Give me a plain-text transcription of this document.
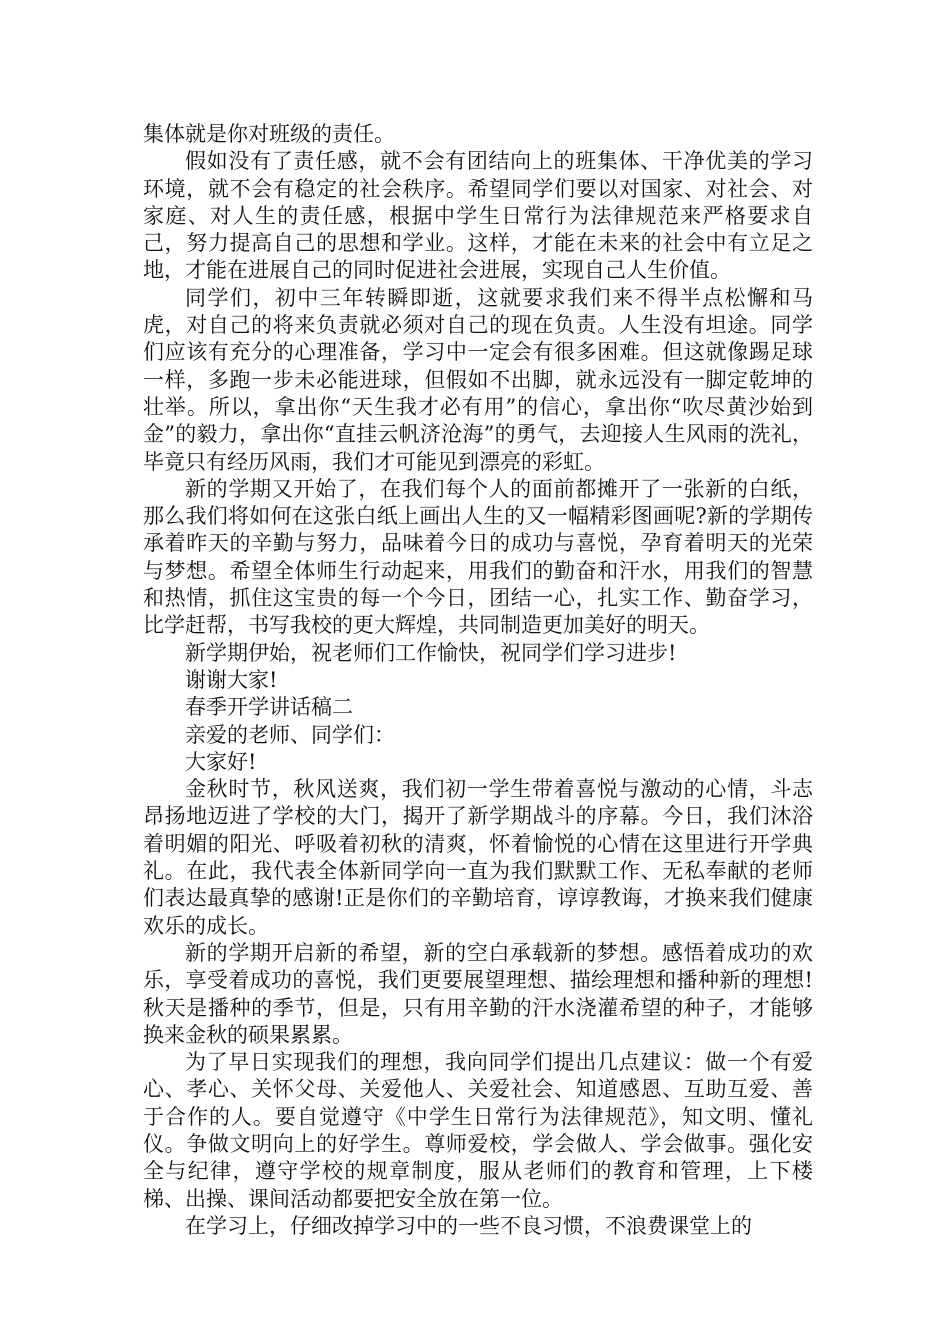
集体就是你对班级的责任。

假如没有了责任感，就不会有团结向上的班集体、干净优美的学习环境，就不会有稳定的社会秩序。希望同学们要以对国家、对社会、对家庭、对人生的责任感，根据中学生日常行为法律规范来严格要求自己，努力提高自己的思想和学业。这样，才能在未来的社会中有立足之地，才能在进展自己的同时促进社会进展，实现自己人生价值。

同学们，初中三年转瞬即逝，这就要求我们来不得半点松懈和马虎，对自己的将来负责就必须对自己的现在负责。人生没有坦途。同学们应该有充分的心理准备，学习中一定会有很多困难。但这就像踢足球一样，多跑一步未必能进球，但假如不出脚，就永远没有一脚定乾坤的壮举。所以，拿出你“天生我才必有用”的信心，拿出你“吹尽黄沙始到金”的毅力，拿出你“直挂云帆济沧海”的勇气，去迎接人生风雨的洗礼，毕竟只有经历风雨，我们才可能见到漂亮的彩虹。

新的学期又开始了，在我们每个人的面前都摊开了一张新的白纸，那么我们将如何在这张白纸上画出人生的又一幅精彩图画呢?新的学期传承着昨天的辛勤与努力，品味着今日的成功与喜悦，孕育着明天的光荣与梦想。希望全体师生行动起来，用我们的勤奋和汗水，用我们的智慧和热情，抓住这宝贵的每一个今日，团结一心，扎实工作、勤奋学习，比学赶帮，书写我校的更大辉煌，共同制造更加美好的明天。

新学期伊始，祝老师们工作愉快，祝同学们学习进步!

谢谢大家!

春季开学讲话稿二

亲爱的老师、同学们：

大家好!

金秋时节，秋风送爽，我们初一学生带着喜悦与激动的心情，斗志昂扬地迈进了学校的大门，揭开了新学期战斗的序幕。今日，我们沐浴着明媚的阳光、呼吸着初秋的清爽，怀着愉悦的心情在这里进行开学典礼。在此，我代表全体新同学向一直为我们默默工作、无私奉献的老师们表达最真挚的感谢!正是你们的辛勤培育，谆谆教诲，才换来我们健康欢乐的成长。

新的学期开启新的希望，新的空白承载新的梦想。感悟着成功的欢乐，享受着成功的喜悦，我们更要展望理想、描绘理想和播种新的理想!秋天是播种的季节，但是，只有用辛勤的汗水浇灌希望的种子，才能够换来金秋的硕果累累。

为了早日实现我们的理想，我向同学们提出几点建议：做一个有爱心、孝心、关怀父母、关爱他人、关爱社会、知道感恩、互助互爱、善于合作的人。要自觉遵守《中学生日常行为法律规范》，知文明、懂礼仪。争做文明向上的好学生。尊师爱校，学会做人、学会做事。强化安全与纪律，遵守学校的规章制度，服从老师们的教育和管理，上下楼梯、出操、课间活动都要把安全放在第一位。

在学习上，仔细改掉学习中的一些不良习惯，不浪费课堂上的
